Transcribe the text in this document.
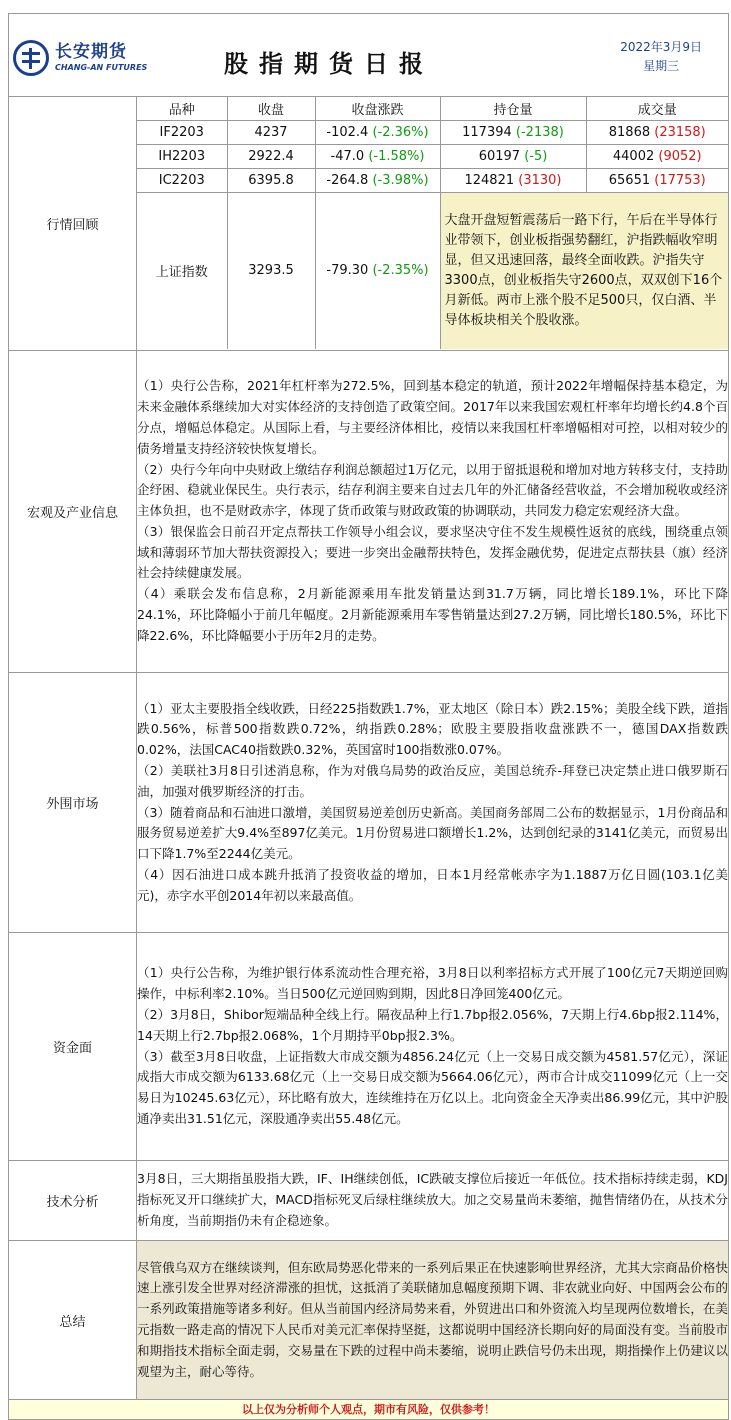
长安期货
CHANG-AN FUTURES	股指期货日报
2022年3月9日
星期三
行情回顾	
品种	收盘	收盘涨跌	持仓量	成交量
IF2203	4237	-102.4 (-2.36%)	117394 (-2138)	81868 (23158)
IH2203	2922.4	-47.0 (-1.58%)	60197 (-5)	44002 (9052)
IC2203	6395.8	-264.8 (-3.98%)	124821 (3130)	65651 (17753)
上证指数	3293.5	-79.30 (-2.35%)	大盘开盘短暂震荡后一路下行，午后在半导体行业带领下，创业板指强势翻红，沪指跌幅收窄明显，但又迅速回落，最终全面收跌。沪指失守3300点，创业板指失守2600点，双双创下16个月新低。两市上涨个股不足500只，仅白酒、半导体板块相关个股收涨。

宏观及产业信息	

（1）央行公告称，2021年杠杆率为272.5%，回到基本稳定的轨道，预计2022年增幅保持基本稳定，为未来金融体系继续加大对实体经济的支持创造了政策空间。2017年以来我国宏观杠杆率年均增长约4.8个百分点，增幅总体稳定。从国际上看，与主要经济体相比，疫情以来我国杠杆率增幅相对可控，以相对较少的债务增量支持经济较快恢复增长。

（2）央行今年向中央财政上缴结存利润总额超过1万亿元，以用于留抵退税和增加对地方转移支付，支持助企纾困、稳就业保民生。央行表示，结存利润主要来自过去几年的外汇储备经营收益，不会增加税收或经济主体负担，也不是财政赤字，体现了货币政策与财政政策的协调联动，共同发力稳定宏观经济大盘。

（3）银保监会日前召开定点帮扶工作领导小组会议，要求坚决守住不发生规模性返贫的底线，围绕重点领域和薄弱环节加大帮扶资源投入；要进一步突出金融帮扶特色，发挥金融优势，促进定点帮扶县（旗）经济社会持续健康发展。

（4）乘联会发布信息称，2月新能源乘用车批发销量达到31.7万辆，同比增长189.1%，环比下降24.1%，环比降幅小于前几年幅度。2月新能源乘用车零售销量达到27.2万辆，同比增长180.5%，环比下降22.6%，环比降幅要小于历年2月的走势。

外围市场	

（1）亚太主要股指全线收跌，日经225指数跌1.7%，亚太地区（除日本）跌2.15%；美股全线下跌，道指跌0.56%，标普500指数跌0.72%，纳指跌0.28%；欧股主要股指收盘涨跌不一，德国DAX指数跌0.02%，法国CAC40指数跌0.32%，英国富时100指数涨0.07%。

（2）美联社3月8日引述消息称，作为对俄乌局势的政治反应，美国总统乔-拜登已决定禁止进口俄罗斯石油，加强对俄罗斯经济的打击。

（3）随着商品和石油进口激增，美国贸易逆差创历史新高。美国商务部周二公布的数据显示，1月份商品和服务贸易逆差扩大9.4%至897亿美元。1月份贸易进口额增长1.2%，达到创纪录的3141亿美元，而贸易出口下降1.7%至2244亿美元。

（4）因石油进口成本跳升抵消了投资收益的增加，日本1月经常帐赤字为1.1887万亿日圆(103.1亿美元)，赤字水平创2014年初以来最高值。

资金面	

（1）央行公告称，为维护银行体系流动性合理充裕，3月8日以利率招标方式开展了100亿元7天期逆回购操作，中标利率2.10%。当日500亿元逆回购到期，因此8日净回笼400亿元。

（2）3月8日，Shibor短端品种全线上行。隔夜品种上行1.7bp报2.056%，7天期上行4.6bp报2.114%，14天期上行2.7bp报2.068%，1个月期持平0bp报2.3%。

（3）截至3月8日收盘，上证指数大市成交额为4856.24亿元（上一交易日成交额为4581.57亿元），深证成指大市成交额为6133.68亿元（上一交易日成交额为5664.06亿元），两市合计成交11099亿元（上一交易日为10245.63亿元），环比略有放大，连续维持在万亿以上。北向资金全天净卖出86.99亿元，其中沪股通净卖出31.51亿元，深股通净卖出55.48亿元。

技术分析	

3月8日，三大期指虽股指大跌，IF、IH继续创低，IC跌破支撑位后接近一年低位。技术指标持续走弱，KDJ指标死叉开口继续扩大，MACD指标死叉后绿柱继续放大。加之交易量尚未萎缩，抛售情绪仍在，从技术分析角度，当前期指仍未有企稳迹象。

总结	

尽管俄乌双方在继续谈判，但东欧局势恶化带来的一系列后果正在快速影响世界经济，尤其大宗商品价格快速上涨引发全世界对经济滞涨的担忧，这抵消了美联储加息幅度预期下调、非农就业向好、中国两会公布的一系列政策措施等诸多利好。但从当前国内经济局势来看，外贸进出口和外资流入均呈现两位数增长，在美元指数一路走高的情况下人民币对美元汇率保持坚挺，这都说明中国经济长期向好的局面没有变。当前股市和期指技术指标全面走弱，交易量在下跌的过程中尚未萎缩，说明止跌信号仍未出现，期指操作上仍建议以观望为主，耐心等待。

以上仅为分析师个人观点，期市有风险，仅供参考！
